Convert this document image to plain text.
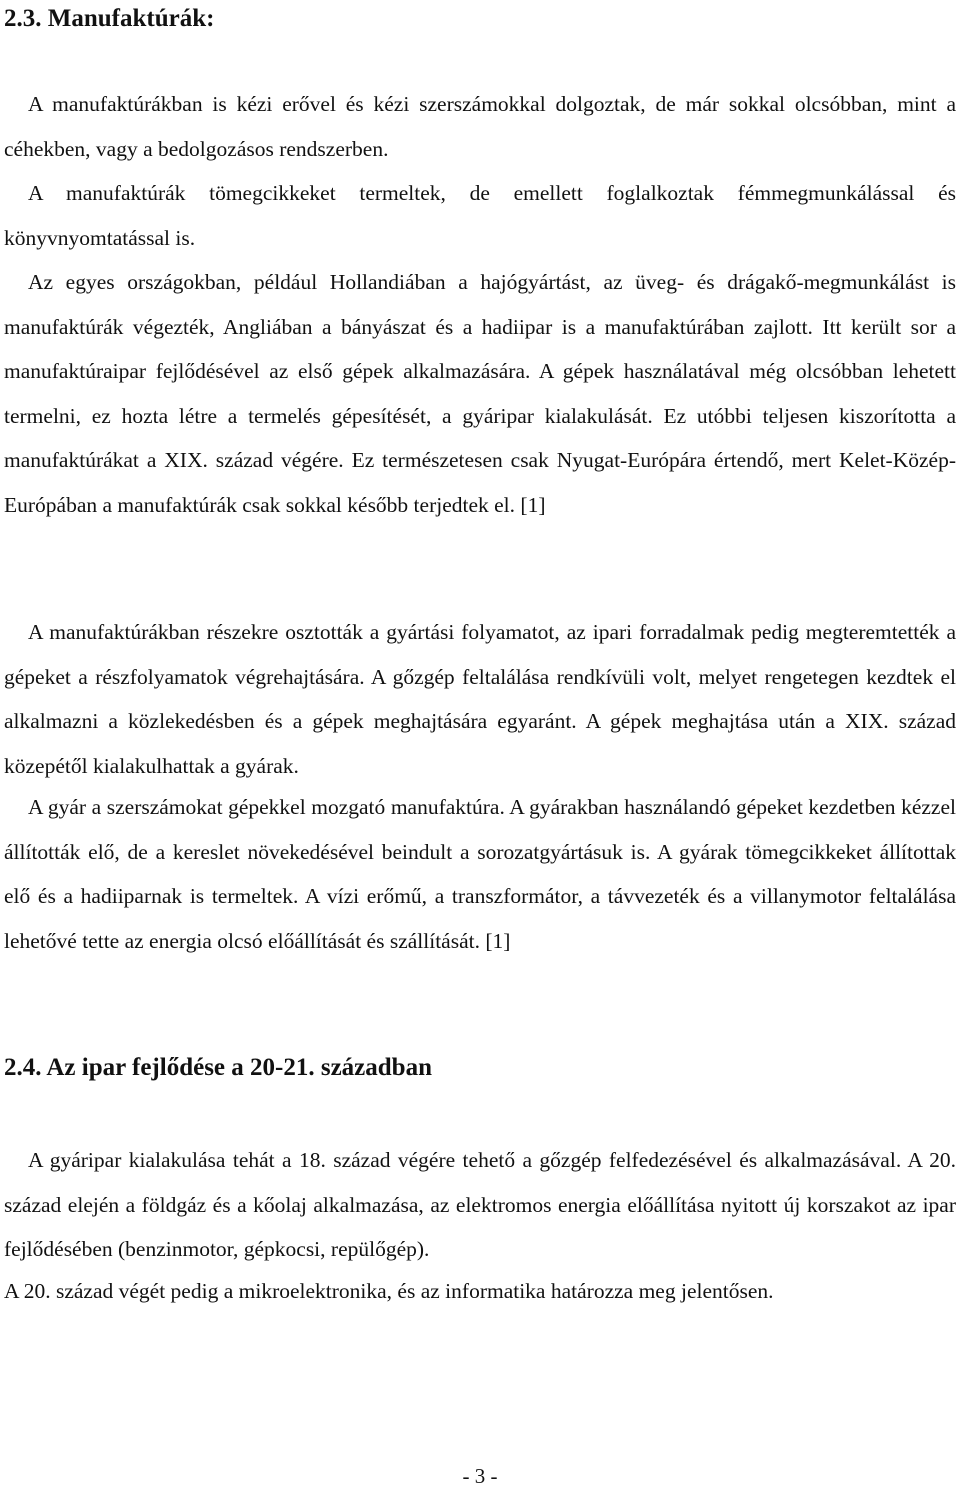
2.3. Manufaktúrák:

A manufaktúrákban is kézi erővel és kézi szerszámokkal dolgoztak, de már sokkal olcsóbban, mint a céhekben, vagy a bedolgozásos rendszerben.

A manufaktúrák tömegcikkeket termeltek, de emellett foglalkoztak fémmegmunkálással és könyvnyomtatással is.

Az egyes országokban, például Hollandiában a hajógyártást, az üveg- és drágakő-megmunkálást is manufaktúrák végezték, Angliában a bányászat és a hadiipar is a manufaktúrában zajlott. Itt került sor a manufaktúraipar fejlődésével az első gépek alkalmazására. A gépek használatával még olcsóbban lehetett termelni, ez hozta létre a termelés gépesítését, a gyáripar kialakulását. Ez utóbbi teljesen kiszorította a manufaktúrákat a XIX. század végére. Ez természetesen csak Nyugat-Európára értendő, mert Kelet-Közép-Európában a manufaktúrák csak sokkal később terjedtek el. [1]

A manufaktúrákban részekre osztották a gyártási folyamatot, az ipari forradalmak pedig megteremtették a gépeket a részfolyamatok végrehajtására. A gőzgép feltalálása rendkívüli volt, melyet rengetegen kezdtek el alkalmazni a közlekedésben és a gépek meghajtására egyaránt. A gépek meghajtása után a XIX. század közepétől kialakulhattak a gyárak.

A gyár a szerszámokat gépekkel mozgató manufaktúra. A gyárakban használandó gépeket kezdetben kézzel állították elő, de a kereslet növekedésével beindult a sorozatgyártásuk is. A gyárak tömegcikkeket állítottak elő és a hadiiparnak is termeltek. A vízi erőmű, a transzformátor, a távvezeték és a villanymotor feltalálása lehetővé tette az energia olcsó előállítását és szállítását. [1]

2.4. Az ipar fejlődése a 20-21. században

A gyáripar kialakulása tehát a 18. század végére tehető a gőzgép felfedezésével és alkalmazásával. A 20. század elején a földgáz és a kőolaj alkalmazása, az elektromos energia előállítása nyitott új korszakot az ipar fejlődésében (benzinmotor, gépkocsi, repülőgép).

A 20. század végét pedig a mikroelektronika, és az informatika határozza meg jelentősen.

- 3 -
